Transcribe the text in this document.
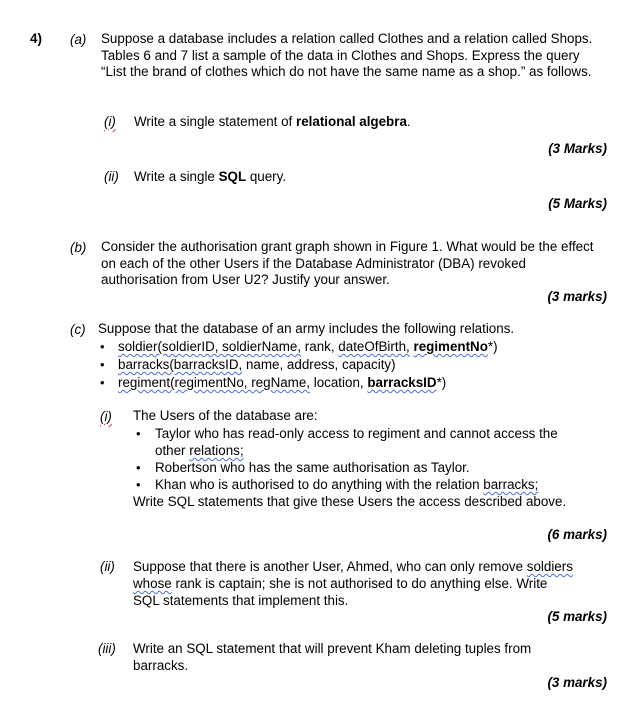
4) (a) Suppose a database includes a relation called Clothes and a relation called Shops. Tables 6 and 7 list a sample of the data in Clothes and Shops. Express the query “List the brand of clothes which do not have the same name as a shop.” as follows.
(i) Write a single statement of relational algebra.
(3 Marks)
(ii) Write a single SQL query.
(5 Marks)
(b) Consider the authorisation grant graph shown in Figure 1. What would be the effect on each of the other Users if the Database Administrator (DBA) revoked authorisation from User U2? Justify your answer.
(3 marks)
(c) Suppose that the database of an army includes the following relations.
• soldier(soldierID, soldierName, rank, dateOfBirth, regimentNo*)
• barracks(barracksID, name, address, capacity)
• regiment(regimentNo, regName, location, barracksID*)
(i) The Users of the database are:
• Taylor who has read-only access to regiment and cannot access the
other relations;
• Robertson who has the same authorisation as Taylor.
• Khan who is authorised to do anything with the relation barracks;
Write SQL statements that give these Users the access described above.
(6 marks)
(ii) Suppose that there is another User, Ahmed, who can only remove soldiers
whose rank is captain; she is not authorised to do anything else. Write
SQL statements that implement this.
(5 marks)
(iii) Write an SQL statement that will prevent Kham deleting tuples from
barracks.
(3 marks)
